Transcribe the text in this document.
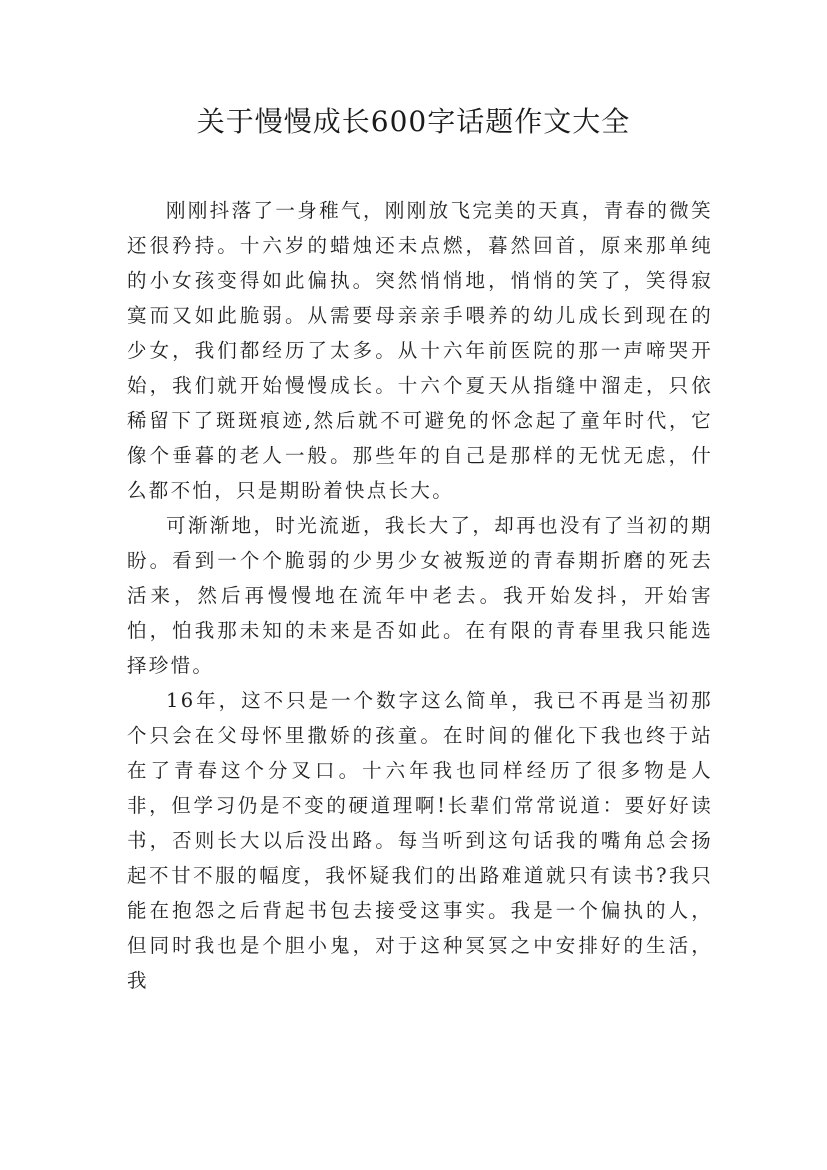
关于慢慢成长600字话题作文大全

刚刚抖落了一身稚气，刚刚放飞完美的天真，青春的微笑还很矜持。十六岁的蜡烛还未点燃，暮然回首，原来那单纯的小女孩变得如此偏执。突然悄悄地，悄悄的笑了，笑得寂寞而又如此脆弱。从需要母亲亲手喂养的幼儿成长到现在的少女，我们都经历了太多。从十六年前医院的那一声啼哭开始，我们就开始慢慢成长。十六个夏天从指缝中溜走，只依稀留下了斑斑痕迹,然后就不可避免的怀念起了童年时代，它像个垂暮的老人一般。那些年的自己是那样的无忧无虑，什么都不怕，只是期盼着快点长大。

可渐渐地，时光流逝，我长大了，却再也没有了当初的期盼。看到一个个脆弱的少男少女被叛逆的青春期折磨的死去活来，然后再慢慢地在流年中老去。我开始发抖，开始害怕，怕我那未知的未来是否如此。在有限的青春里我只能选择珍惜。

16年，这不只是一个数字这么简单，我已不再是当初那个只会在父母怀里撒娇的孩童。在时间的催化下我也终于站在了青春这个分叉口。十六年我也同样经历了很多物是人非，但学习仍是不变的硬道理啊!长辈们常常说道：要好好读书，否则长大以后没出路。每当听到这句话我的嘴角总会扬起不甘不服的幅度，我怀疑我们的出路难道就只有读书?我只能在抱怨之后背起书包去接受这事实。我是一个偏执的人，但同时我也是个胆小鬼，对于这种冥冥之中安排好的生活，我
